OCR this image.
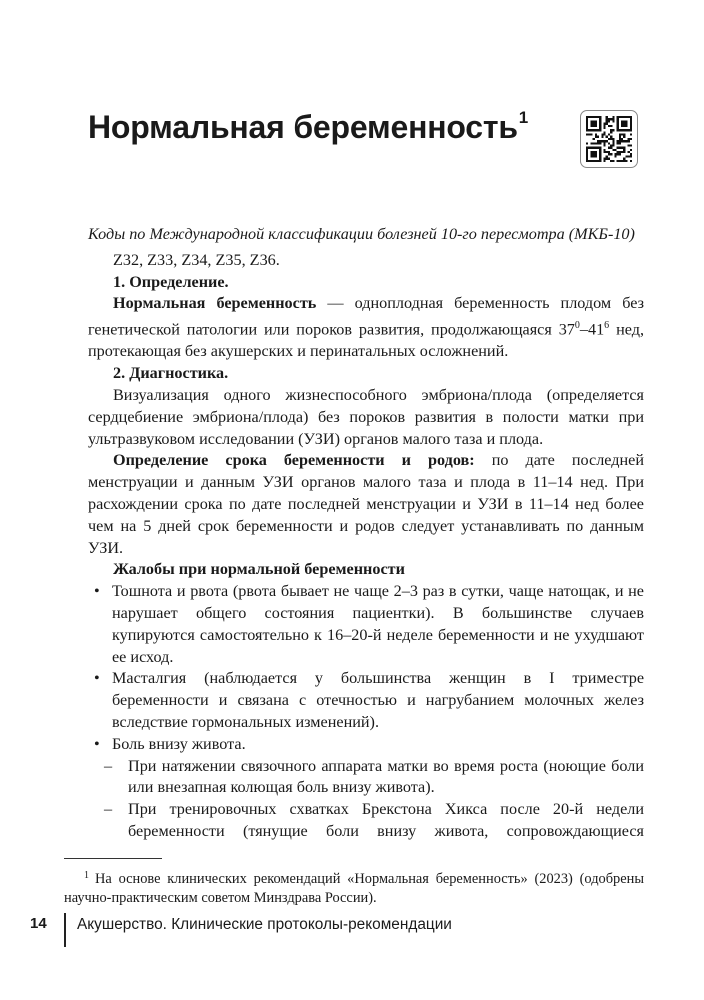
Нормальная беременность$^1$

Коды по Международной классификации болезней 10-го пересмотра (МКБ-10)

Z32, Z33, Z34, Z35, Z36.

1. Определение.

Нормальная беременность — одноплодная беременность плодом без генетической патологии или пороков развития, продолжающаяся $37^0-41^6$ нед, протекающая без акушерских и перинатальных осложнений.

2. Диагностика.

Визуализация одного жизнеспособного эмбриона/плода (определяется сердцебиение эмбриона/плода) без пороков развития в полости матки при ультразвуковом исследовании (УЗИ) органов малого таза и плода.

Определение срока беременности и родов: по дате последней менструации и данным УЗИ органов малого таза и плода в 11–14 нед. При расхождении срока по дате последней менструации и УЗИ в 11–14 нед более чем на 5 дней срок беременности и родов следует устанавливать по данным УЗИ.

Жалобы при нормальной беременности

• Тошнота и рвота (рвота бывает не чаще 2–3 раз в сутки, чаще натощак, и не нарушает общего состояния пациентки). В большинстве случаев купируются самостоятельно к 16–20-й неделе беременности и не ухудшают ее исход.

• Масталгия (наблюдается у большинства женщин в I триместре беременности и связана с отечностью и нагрубанием молочных желез вследствие гормональных изменений).

• Боль внизу живота.

– При натяжении связочного аппарата матки во время роста (ноющие боли или внезапная колющая боль внизу живота).

– При тренировочных схватках Брекстона Хикса после 20-й недели беременности (тянущие боли внизу живота, сопровождающиеся

$^1$ На основе клинических рекомендаций «Нормальная беременность» (2023) (одобрены научно-практическим советом Минздрава России).
14 Акушерство. Клинические протоколы-рекомендации
